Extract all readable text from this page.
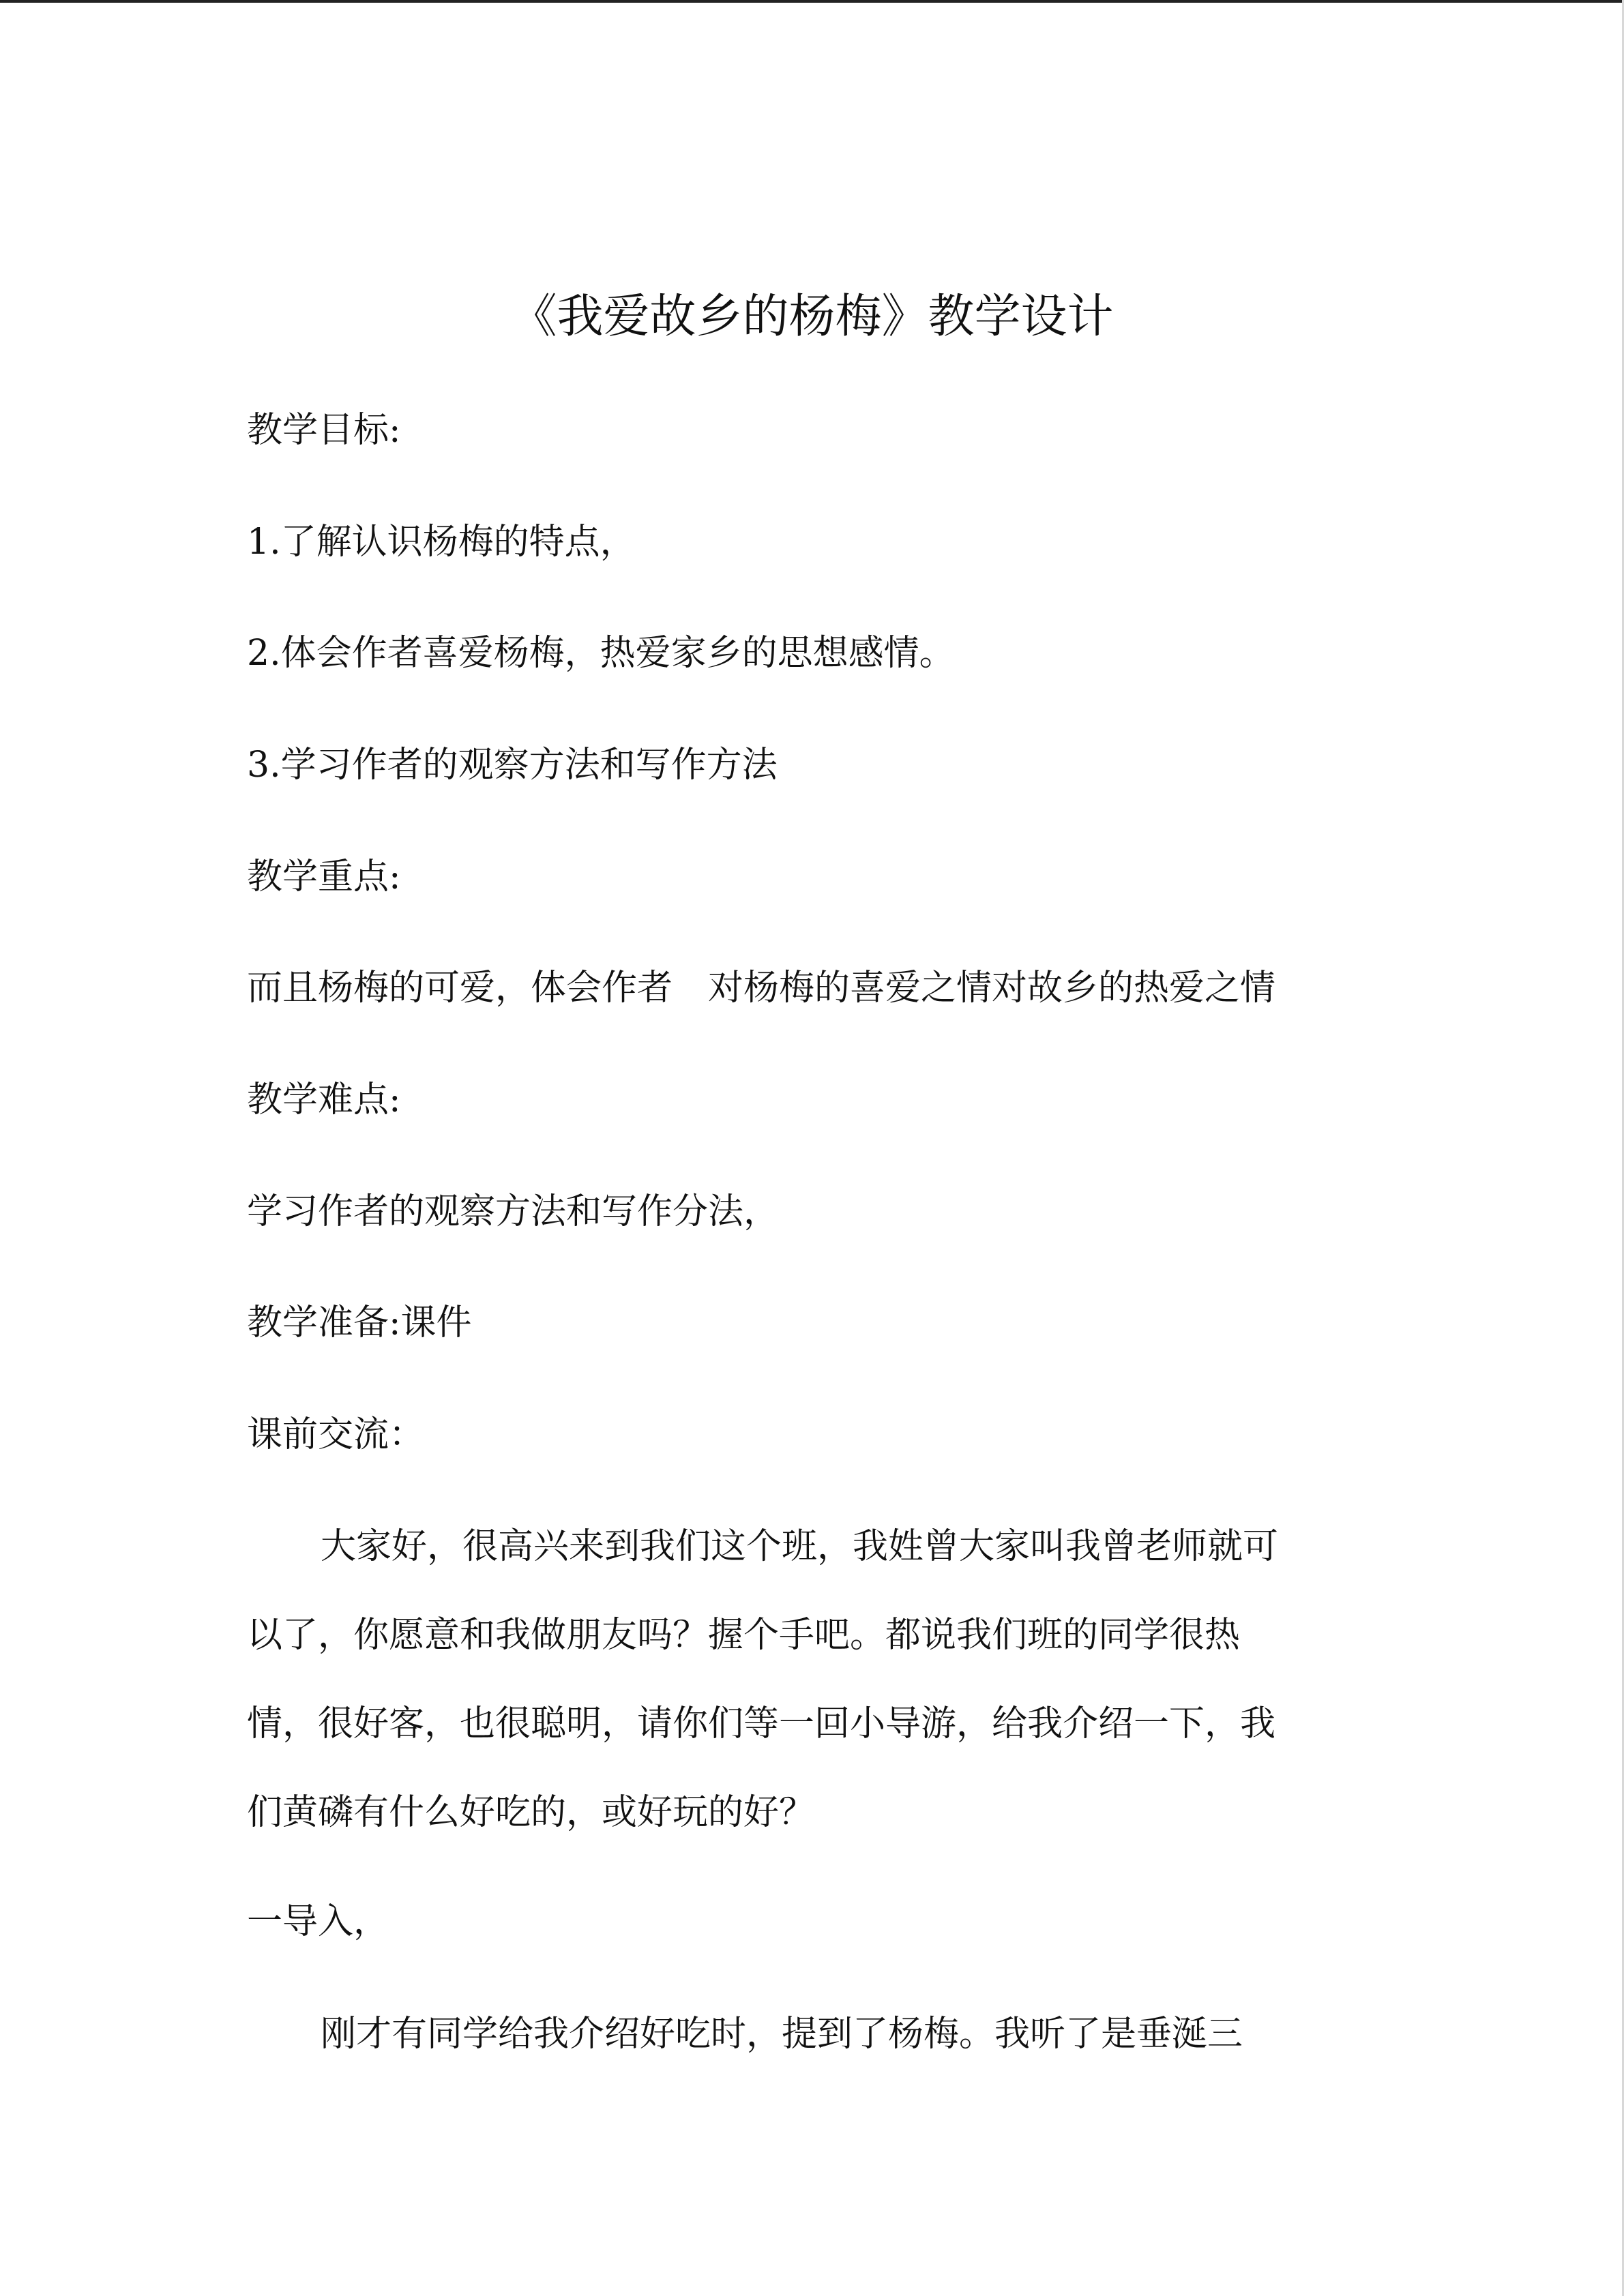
《我爱故乡的杨梅》教学设计
教学目标:
1.了解认识杨梅的特点，
2.体会作者喜爱杨梅，热爱家乡的思想感情。
3.学习作者的观察方法和写作方法
教学重点:
而且杨梅的可爱，体会作者　对杨梅的喜爱之情对故乡的热爱之情
教学难点:
学习作者的观察方法和写作分法，
教学准备:课件
课前交流：
大家好，很高兴来到我们这个班，我姓曾大家叫我曾老师就可
以了，你愿意和我做朋友吗？握个手吧。都说我们班的同学很热
情，很好客，也很聪明，请你们等一回小导游，给我介绍一下，我
们黄磷有什么好吃的，或好玩的好？
一导入，
刚才有同学给我介绍好吃时，提到了杨梅。我听了是垂涎三
